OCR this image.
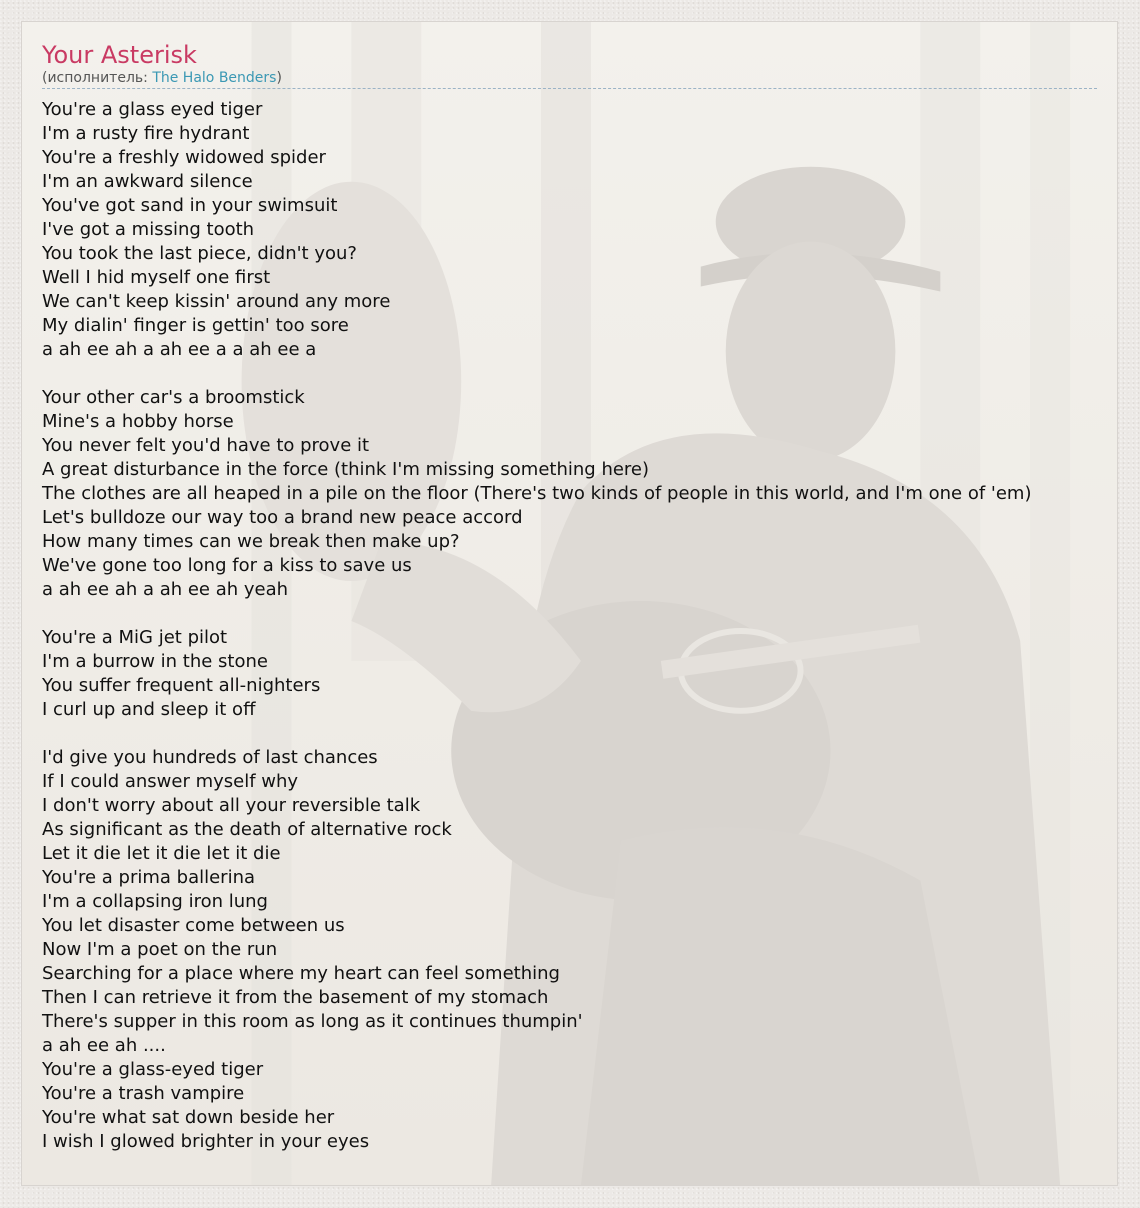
Your Asterisk
(исполнитель: The Halo Benders)
You're a glass eyed tiger
I'm a rusty fire hydrant
You're a freshly widowed spider
I'm an awkward silence
You've got sand in your swimsuit
I've got a missing tooth
You took the last piece, didn't you?
Well I hid myself one first
We can't keep kissin' around any more
My dialin' finger is gettin' too sore
a ah ee ah a ah ee a a ah ee a
Your other car's a broomstick
Mine's a hobby horse
You never felt you'd have to prove it
A great disturbance in the force (think I'm missing something here)
The clothes are all heaped in a pile on the floor (There's two kinds of people in this world, and I'm one of 'em)
Let's bulldoze our way too a brand new peace accord
How many times can we break then make up?
We've gone too long for a kiss to save us
a ah ee ah a ah ee ah yeah
You're a MiG jet pilot
I'm a burrow in the stone
You suffer frequent all-nighters
I curl up and sleep it off
I'd give you hundreds of last chances
If I could answer myself why
I don't worry about all your reversible talk
As significant as the death of alternative rock
Let it die let it die let it die
You're a prima ballerina
I'm a collapsing iron lung
You let disaster come between us
Now I'm a poet on the run
Searching for a place where my heart can feel something
Then I can retrieve it from the basement of my stomach
There's supper in this room as long as it continues thumpin'
a ah ee ah ....
You're a glass-eyed tiger
You're a trash vampire
You're what sat down beside her
I wish I glowed brighter in your eyes
